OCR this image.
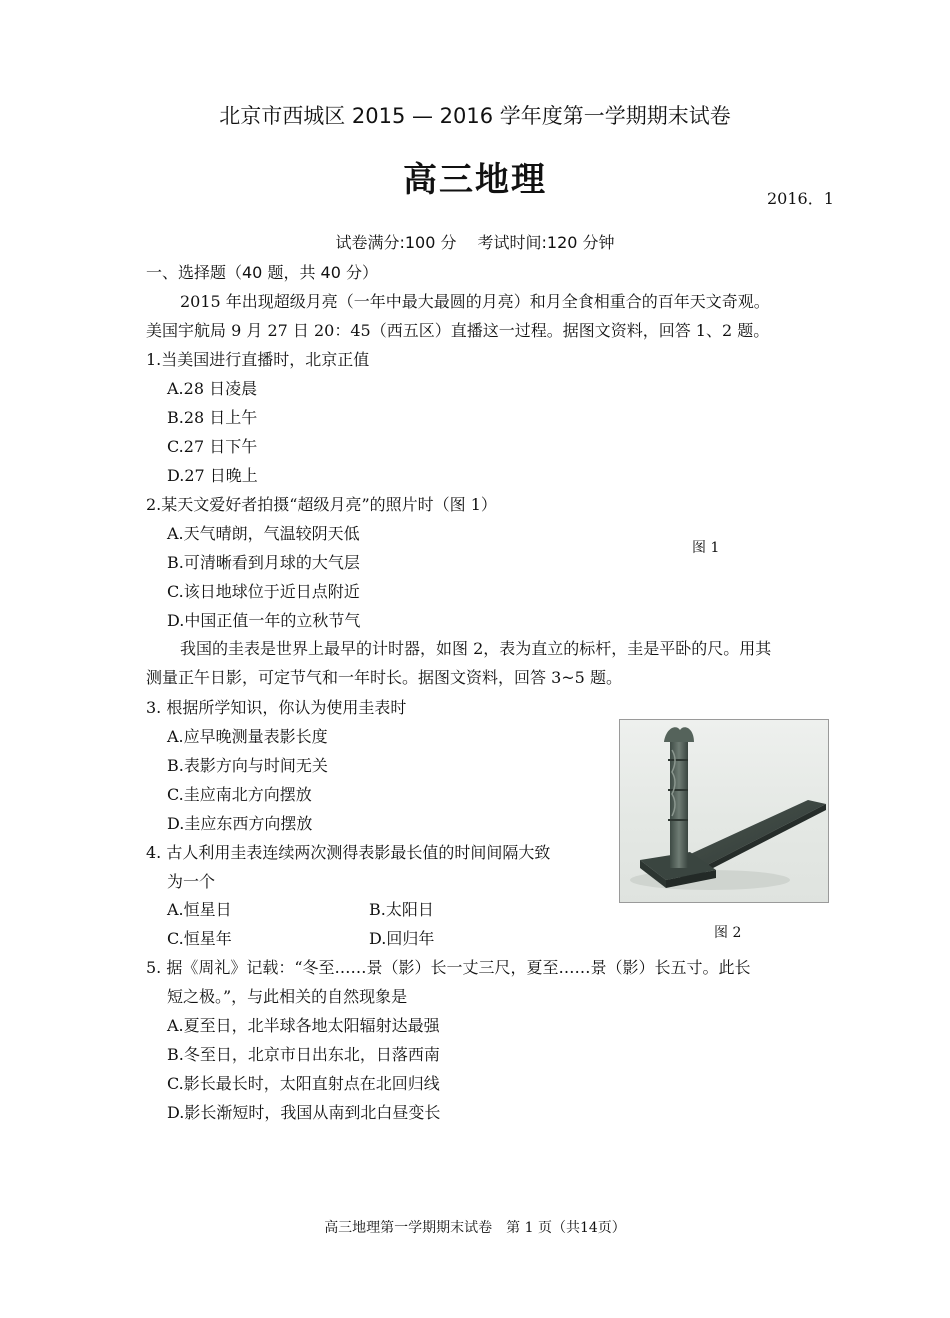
北京市西城区 2015 — 2016 学年度第一学期期末试卷
高三地理	2016．1
试卷满分:100 分　 考试时间:120 分钟
一、选择题（40 题，共 40 分）
2015 年出现超级月亮（一年中最大最圆的月亮）和月全食相重合的百年天文奇观。
美国宇航局 9 月 27 日 20：45（西五区）直播这一过程。据图文资料，回答 1、2 题。
1.当美国进行直播时，北京正值
A.28 日凌晨
B.28 日上午
C.27 日下午
D.27 日晚上
2.某天文爱好者拍摄“超级月亮”的照片时（图 1）
A.天气晴朗，气温较阴天低
B.可清晰看到月球的大气层
C.该日地球位于近日点附近
D.中国正值一年的立秋节气
图 1
我国的圭表是世界上最早的计时器，如图 2，表为直立的标杆，圭是平卧的尺。用其
测量正午日影，可定节气和一年时长。据图文资料，回答 3~5 题。
3. 根据所学知识，你认为使用圭表时
A.应早晚测量表影长度
B.表影方向与时间无关
C.圭应南北方向摆放
D.圭应东西方向摆放
图 2
4. 古人利用圭表连续两次测得表影最长值的时间间隔大致
为一个
A.恒星日	B.太阳日
C.恒星年	D.回归年
5. 据《周礼》记载：“冬至……景（影）长一丈三尺，夏至……景（影）长五寸。此长
短之极。”，与此相关的自然现象是
A.夏至日，北半球各地太阳辐射达最强
B.冬至日，北京市日出东北，日落西南
C.影长最长时，太阳直射点在北回归线
D.影长渐短时，我国从南到北白昼变长
高三地理第一学期期末试卷　第 1 页（共14页）
